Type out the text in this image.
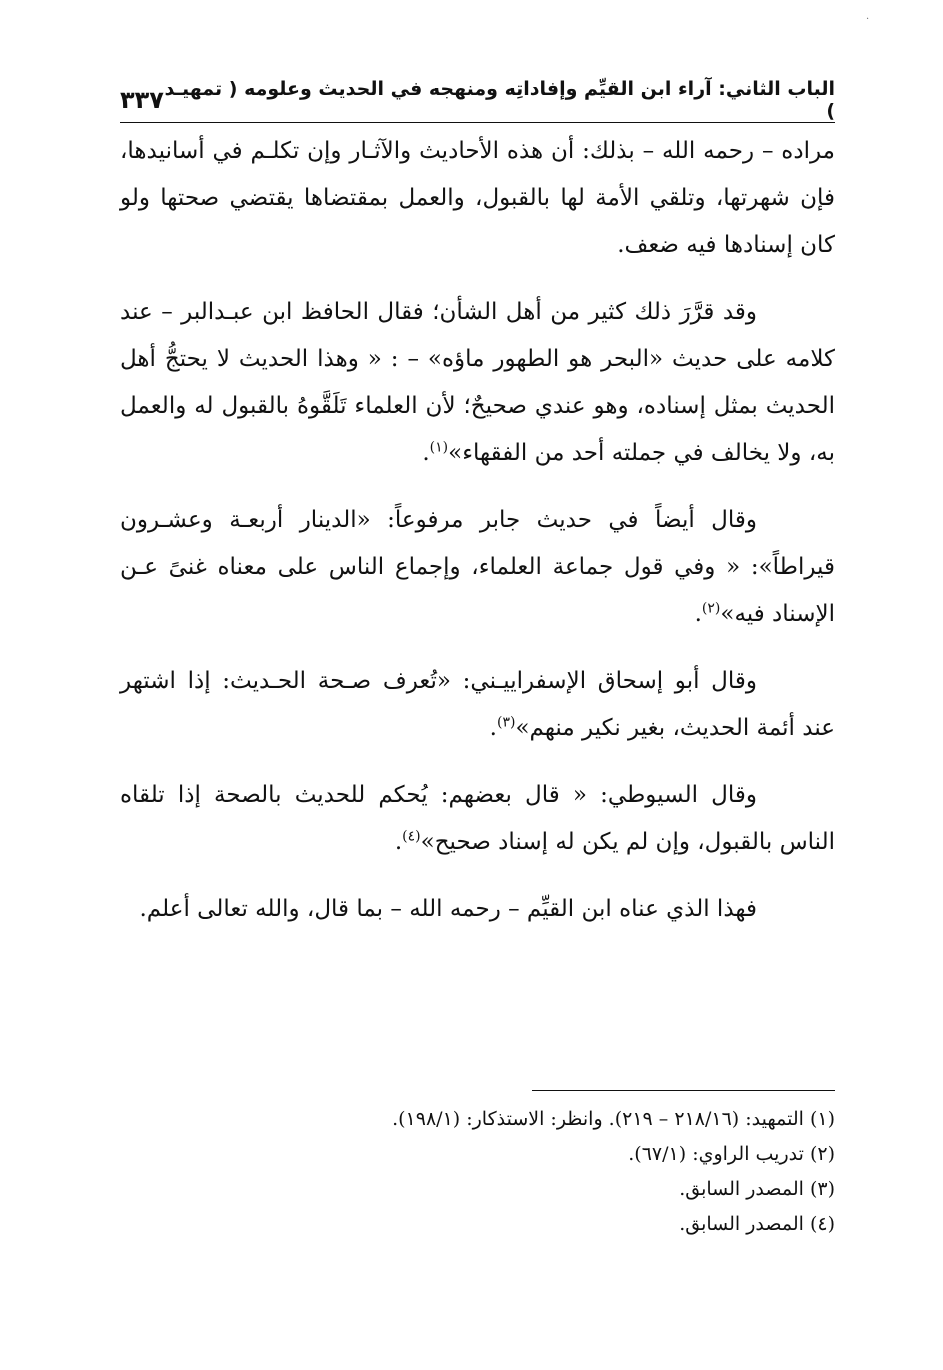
·
الباب الثاني: آراء ابن القيِّم وإفاداتِه ومنهجه في الحديث وعلومه ( تمهيـد )
٣٣٧

مراده – رحمه الله – بذلك: أن هذه الأحاديث والآثـار وإن تكلـم في أسانيدها، فإن شهرتها، وتلقي الأمة لها بالقبول، والعمل بمقتضاها يقتضي صحتها ولو كان إسنادها فيه ضعف.

وقد قرَّرَ ذلك كثير من أهل الشأن؛ فقال الحافظ ابن عبـدالبر – عند كلامه على حديث «البحر هو الطهور ماؤه» – : « وهذا الحديث لا يحتجُّ أهل الحديث بمثل إسناده، وهو عندي صحيحٌ؛ لأن العلماء تَلَقَّوهُ بالقبول له والعمل به، ولا يخالف في جملته أحد من الفقهاء»$^{(١)}$.

وقال أيضاً في حديث جابر مرفوعاً: «الدينار أربعـة وعشـرون قيراطاً»: « وفي قول جماعة العلماء، وإجماع الناس على معناه غنىً عـن الإسناد فيه»$^{(٢)}$.

وقال أبو إسحاق الإسفراييـني: «تُعرف صـحة الحـديث: إذا اشتهر عند أئمة الحديث، بغير نكير منهم»$^{(٣)}$.

وقال السيوطي: « قال بعضهم: يُحكم للحديث بالصحة إذا تلقاه الناس بالقبول، وإن لم يكن له إسناد صحيح»$^{(٤)}$.

فهذا الذي عناه ابن القيِّم – رحمه الله – بما قال، والله تعالى أعلم.

(١) التمهيد: (٢١٨/١٦ – ٢١٩). وانظر: الاستذكار: (١٩٨/١).

(٢) تدريب الراوي: (٦٧/١).

(٣) المصدر السابق.

(٤) المصدر السابق.
